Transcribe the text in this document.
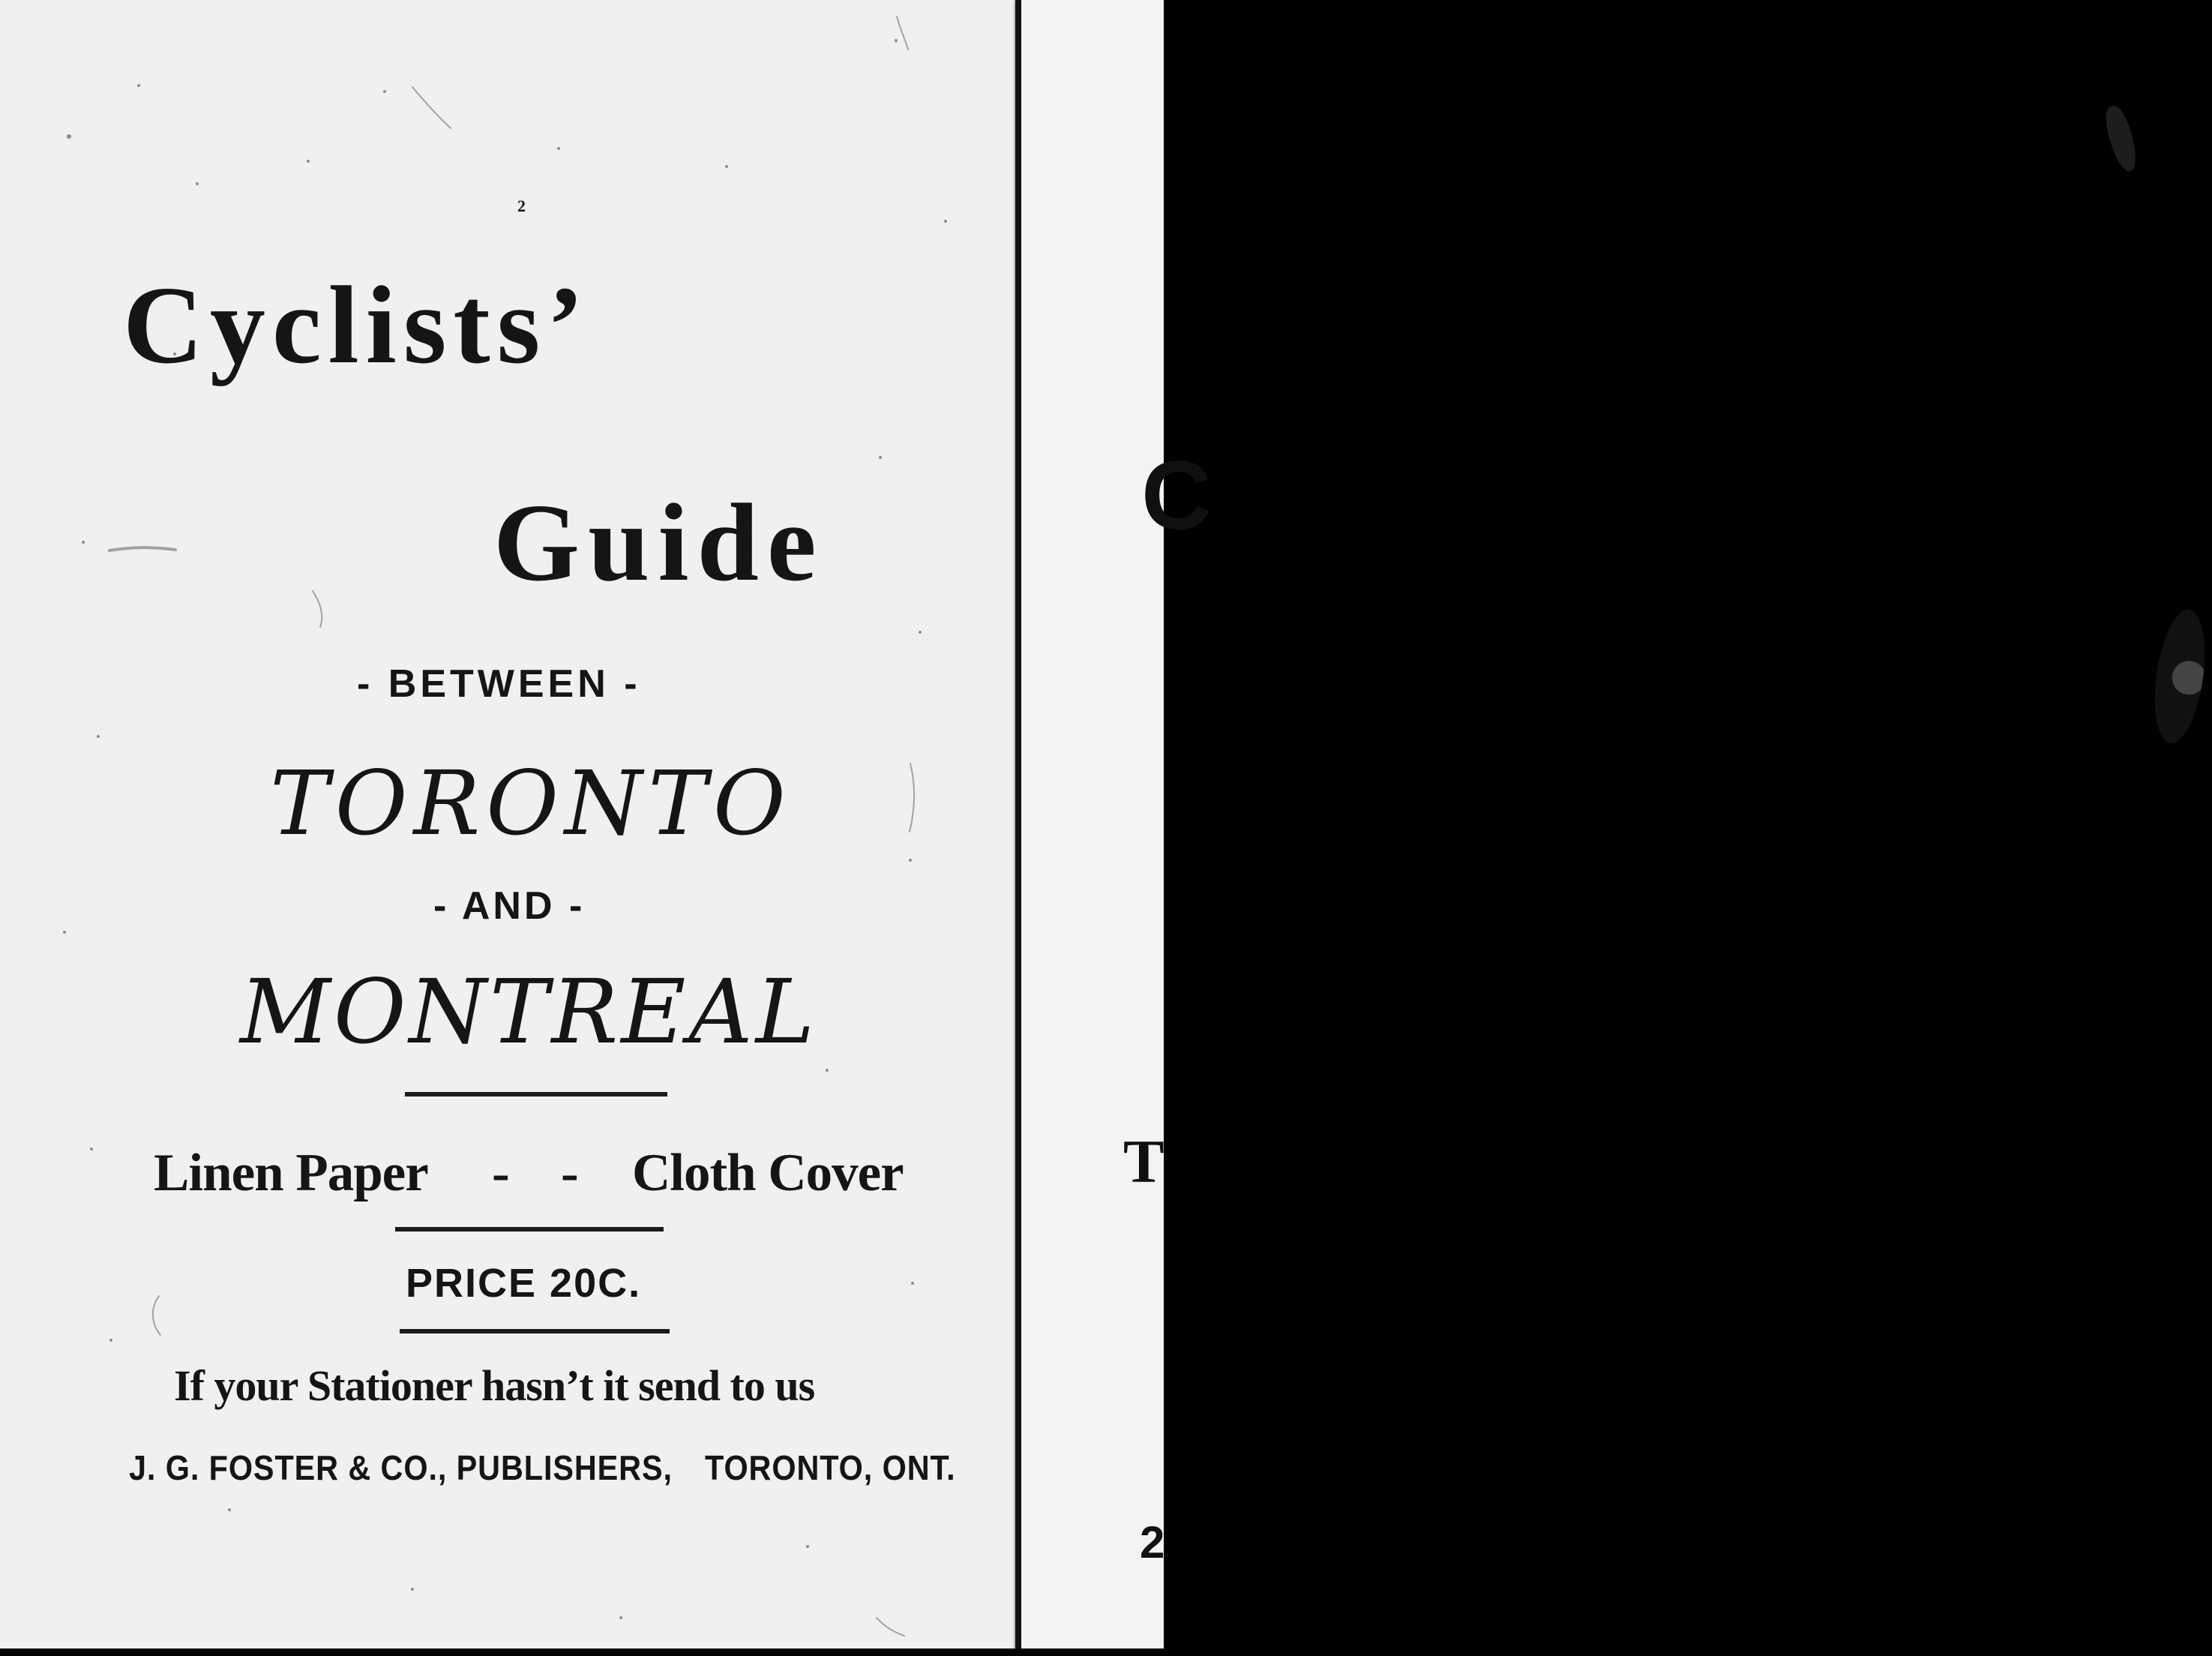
2

Cyclists’

Guide

- BETWEEN -

TORONTO

- AND -

MONTREAL

Linen Paper - - Cloth Cover

PRICE 20C.

If your Stationer hasn’t it send to us

J. G. FOSTER & CO., PUBLISHERS, TORONTO, ONT.

C

T

2
